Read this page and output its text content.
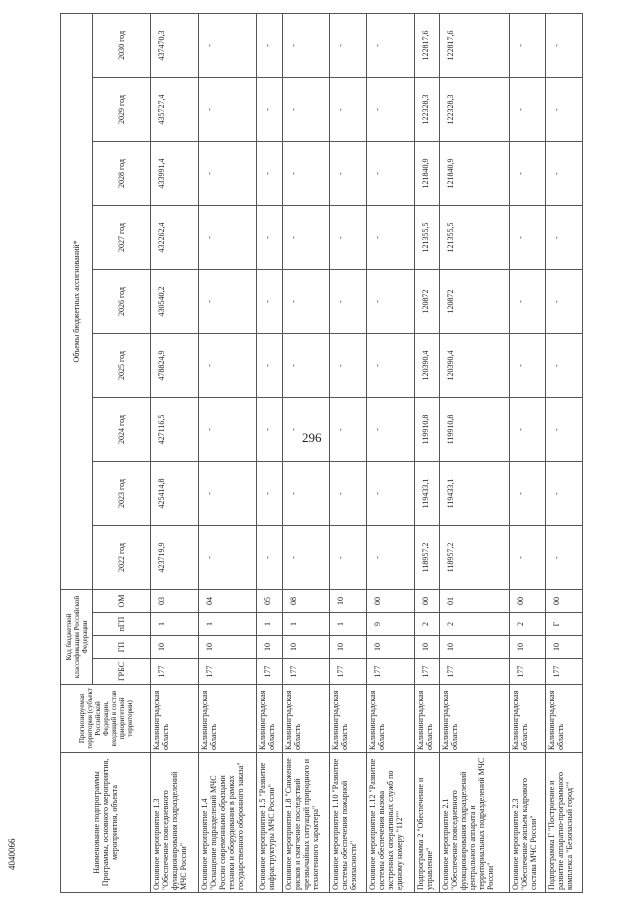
296
4040066	Наименование подпрограммы Программы, основного мероприятия, мероприятия, объекта	Прогнозируемая территория (субъект Российской Федерации, входящий в состав приоритетной территории)	Код бюджетной классификации Российской Федерации				Объемы бюджетных ассигнований*								
		ГРБС	ГП	пГП	ОМ	2022 год	2023 год	2024 год	2025 год	2026 год	2027 год	2028 год	2029 год	2030 год
Основное мероприятие 1.3 "Обеспечение повседневного функционирования подразделений МЧС России"	Калининградская область	177	10	1	03	423719,9	425414,8	427116,5	478824,9	430540,2	432262,4	433991,4	435727,4	437470,3
Основное мероприятие 1.4 "Оснащение подразделений МЧС России современными образцами техники и оборудования в рамках государственного оборонного заказа"	Калининградская область	177	10	1	04	-	-	-	-	-	-	-	-	-
Основное мероприятие 1.5 "Развитие инфраструктуры МЧС России"	Калининградская область	177	10	1	05	-	-	-	-	-	-	-	-	-
Основное мероприятие 1.8 "Снижение рисков и смягчение последствий чрезвычайных ситуаций природного и техногенного характера"	Калининградская область	177	10	1	08	-	-	-	-	-	-	-	-	-
Основное мероприятие 1.10 "Развитие системы обеспечения пожарной безопасности"	Калининградская область	177	10	1	10	-	-	-	-	-	-	-	-	-
Основное мероприятие 1.12 "Развитие системы обеспечения вызова экстренных оперативных служб по единому номеру "112""	Калининградская область	177	10	9	00	-	-	-	-	-	-	-	-	-
Подпрограмма 2 "Обеспечение и управление"	Калининградская область	177	10	2	00	118957,2	119433,1	119910,8	120390,4	120872	121355,5	121840,9	122328,3	122817,6
Основное мероприятие 2.1 "Обеспечение повседневного функционирования подразделений центрального аппарата и территориальных подразделений МЧС России"	Калининградская область	177	10	2	01	118957,2	119433,1	119910,8	120390,4	120872	121355,5	121840,9	122328,3	122817,6
Основное мероприятие 2.3 "Обеспечение жильем кадрового состава МЧС России"	Калининградская область	177	10	2	00	-	-	-	-	-	-	-	-	-
Подпрограмма Г "Построение и развитие аппаратно-программного комплекса "Безопасный город""	Калининградская область	177	10	Г	00	-	-	-	-	-	-	-	-	-
